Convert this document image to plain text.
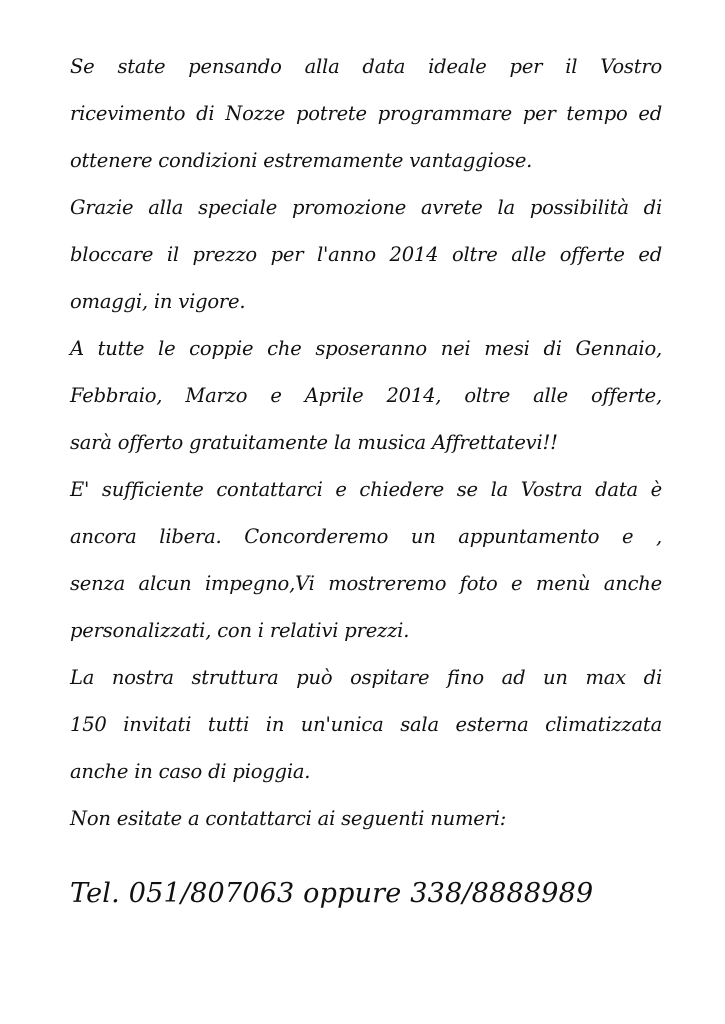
Se state pensando alla data ideale per il Vostro
ricevimento di Nozze potrete programmare per tempo ed
ottenere condizioni estremamente vantaggiose.
Grazie alla speciale promozione avrete la possibilità di
bloccare il prezzo per l'anno 2014 oltre alle offerte ed
omaggi, in vigore.
A tutte le coppie che sposeranno nei mesi di Gennaio,
Febbraio, Marzo e Aprile 2014, oltre alle offerte,
sarà offerto gratuitamente la musica Affrettatevi!!
E' sufficiente contattarci e chiedere se la Vostra data è
ancora libera. Concorderemo un appuntamento e ,
senza alcun impegno,Vi mostreremo foto e menù anche
personalizzati, con i relativi prezzi.
La nostra struttura può ospitare fino ad un max di
150 invitati tutti in un'unica sala esterna climatizzata
anche in caso di pioggia.
Non esitate a contattarci ai seguenti numeri:
Tel. 051/807063 oppure 338/8888989
